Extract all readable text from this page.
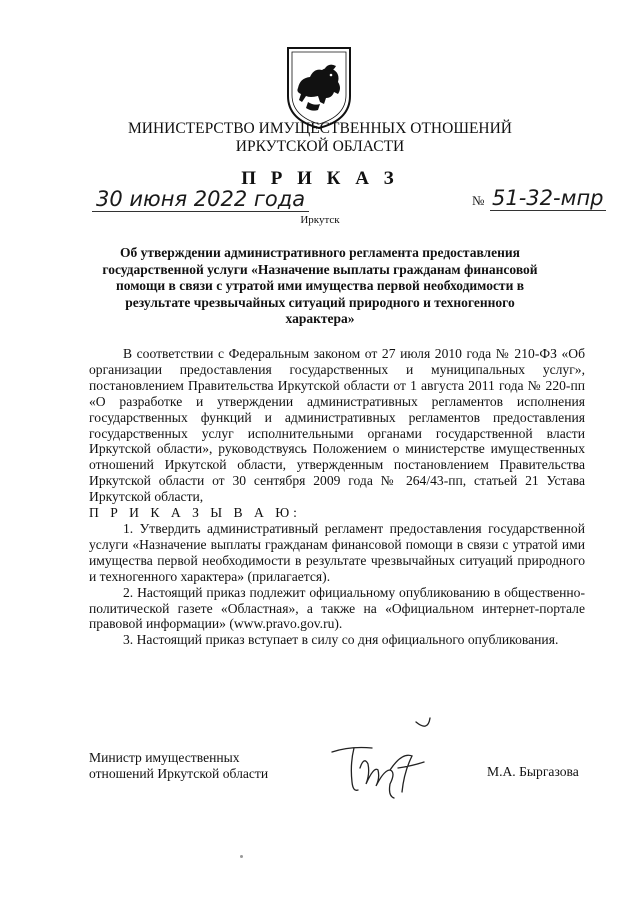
МИНИСТЕРСТВО ИМУЩЕСТВЕННЫХ ОТНОШЕНИЙ
ИРКУТСКОЙ ОБЛАСТИ
П Р И К А З
30 июня 2022 года	№ 51-32-мпр
Иркутск
Об утверждении административного регламента предоставления государственной услуги «Назначение выплаты гражданам финансовой помощи в связи с утратой ими имущества первой необходимости в результате чрезвычайных ситуаций природного и техногенного характера»

В соответствии с Федеральным законом от 27 июля 2010 года № 210-ФЗ «Об организации предоставления государственных и муниципальных услуг», постановлением Правительства Иркутской области от 1 августа 2011 года № 220-пп «О разработке и утверждении административных регламентов исполнения государственных функций и административных регламентов предоставления государственных услуг исполнительными органами государственной власти Иркутской области», руководствуясь Положением о министерстве имущественных отношений Иркутской области, утвержденным постановлением Правительства Иркутской области от 30 сентября 2009 года № 264/43-пп, статьей 21 Устава Иркутской области,

П Р И К А З Ы В А Ю:

1. Утвердить административный регламент предоставления государственной услуги «Назначение выплаты гражданам финансовой помощи в связи с утратой ими имущества первой необходимости в результате чрезвычайных ситуаций природного и техногенного характера» (прилагается).

2. Настоящий приказ подлежит официальному опубликованию в общественно-политической газете «Областная», а также на «Официальном интернет-портале правовой информации» (www.pravo.gov.ru).

3. Настоящий приказ вступает в силу со дня официального опубликования.

Министр имущественных
отношений Иркутской области	М.А. Быргазова
